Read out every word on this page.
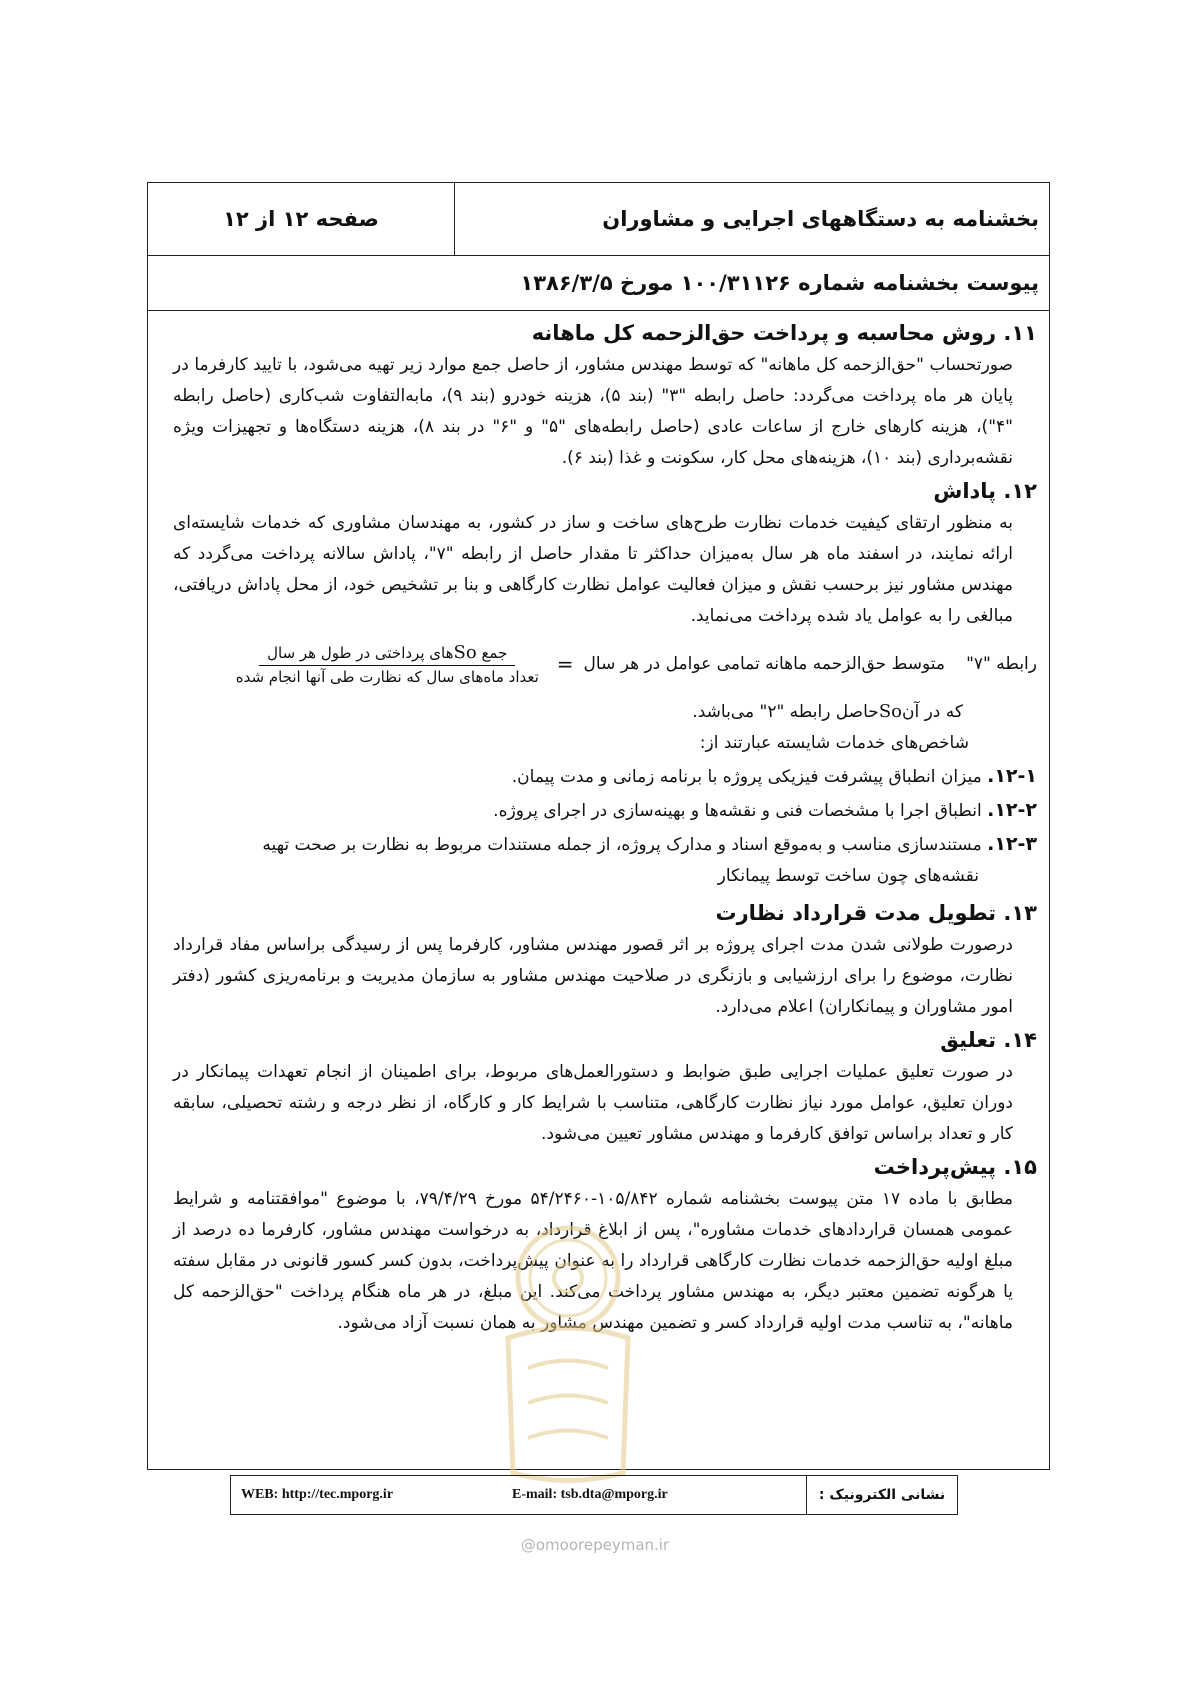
بخشنامه به دستگاههای اجرایی و مشاوران
صفحه ۱۲ از ۱۲
پیوست بخشنامه شماره ۱۰۰/۳۱۱۲۶ مورخ ۱۳۸۶/۳/۵

۱۱. روش محاسبه و پرداخت حق‌الزحمه کل ماهانه

صورتحساب "حق‌الزحمه کل ماهانه" که توسط مهندس مشاور، از حاصل جمع موارد زیر تهیه می‌شود، با تایید کارفرما در پایان هر ماه پرداخت می‌گردد: حاصل رابطه "۳" (بند ۵)، هزینه خودرو (بند ۹)، مابه‌التفاوت شب‌کاری (حاصل رابطه "۴")، هزینه کارهای خارج از ساعات عادی (حاصل رابطه‌های "۵" و "۶" در بند ۸)، هزینه دستگاه‌ها و تجهیزات ویژه نقشه‌برداری (بند ۱۰)، هزینه‌های محل کار، سکونت و غذا (بند ۶).

۱۲. پاداش

به منظور ارتقای کیفیت خدمات نظارت طرح‌های ساخت و ساز در کشور، به مهندسان مشاوری که خدمات شایسته‌ای ارائه نمایند، در اسفند ماه هر سال به‌میزان حداکثر تا مقدار حاصل از رابطه "۷"، پاداش سالانه پرداخت می‌گردد که مهندس مشاور نیز برحسب نقش و میزان فعالیت عوامل نظارت کارگاهی و بنا بر تشخیص خود، از محل پاداش دریافتی، مبالغی را به عوامل یاد شده پرداخت می‌نماید.

رابطه "۷"
متوسط حق‌الزحمه ماهانه تمامی عوامل در هر سال
=
$\frac{\text{جمع Soهای پرداختی در طول هر سال}}{\text{تعداد ماه‌های سال که نظارت طی آنها انجام شده}}$

که در آنSoحاصل رابطه "۲" می‌باشد.

شاخص‌های خدمات شایسته عبارتند از:

۱۲-۱. میزان انطباق پیشرفت فیزیکی پروژه با برنامه زمانی و مدت پیمان.

۱۲-۲. انطباق اجرا با مشخصات فنی و نقشه‌ها و بهینه‌سازی در اجرای پروژه.

۱۲-۳. مستندسازی مناسب و به‌موقع اسناد و مدارک پروژه، از جمله مستندات مربوط به نظارت بر صحت تهیه

نقشه‌های چون ساخت توسط پیمانکار

۱۳. تطویل مدت قرارداد نظارت

درصورت طولانی شدن مدت اجرای پروژه بر اثر قصور مهندس مشاور، کارفرما پس از رسیدگی براساس مفاد قرارداد نظارت، موضوع را برای ارزشیابی و بازنگری در صلاحیت مهندس مشاور به سازمان مدیریت و برنامه‌ریزی کشور (دفتر امور مشاوران و پیمانکاران) اعلام می‌دارد.

۱۴. تعلیق

در صورت تعلیق عملیات اجرایی طبق ضوابط و دستورالعمل‌های مربوط، برای اطمینان از انجام تعهدات پیمانکار در دوران تعلیق، عوامل مورد نیاز نظارت کارگاهی، متناسب با شرایط کار و کارگاه، از نظر درجه و رشته تحصیلی، سابقه کار و تعداد براساس توافق کارفرما و مهندس مشاور تعیین می‌شود.

۱۵. پیش‌پرداخت

مطابق با ماده ۱۷ متن پیوست بخشنامه شماره ۱۰۵/۸۴۲-۵۴/۲۴۶۰ مورخ ۷۹/۴/۲۹، با موضوع "موافقتنامه و شرایط عمومی همسان قراردادهای خدمات مشاوره"، پس از ابلاغ قرارداد، به درخواست مهندس مشاور، کارفرما ده درصد از مبلغ اولیه حق‌الزحمه خدمات نظارت کارگاهی قرارداد را به عنوان پیش‌پرداخت، بدون کسر کسور قانونی در مقابل سفته یا هرگونه تضمین معتبر دیگر، به مهندس مشاور پرداخت می‌کند. این مبلغ، در هر ماه هنگام پرداخت "حق‌الزحمه کل ماهانه"، به تناسب مدت اولیه قرارداد کسر و تضمین مهندس مشاور به همان نسبت آزاد می‌شود.

WEB: http://tec.mporg.ir	E-mail: tsb.dta@mporg.ir	نشانی الکترونیک :
@omoorepeyman.ir
